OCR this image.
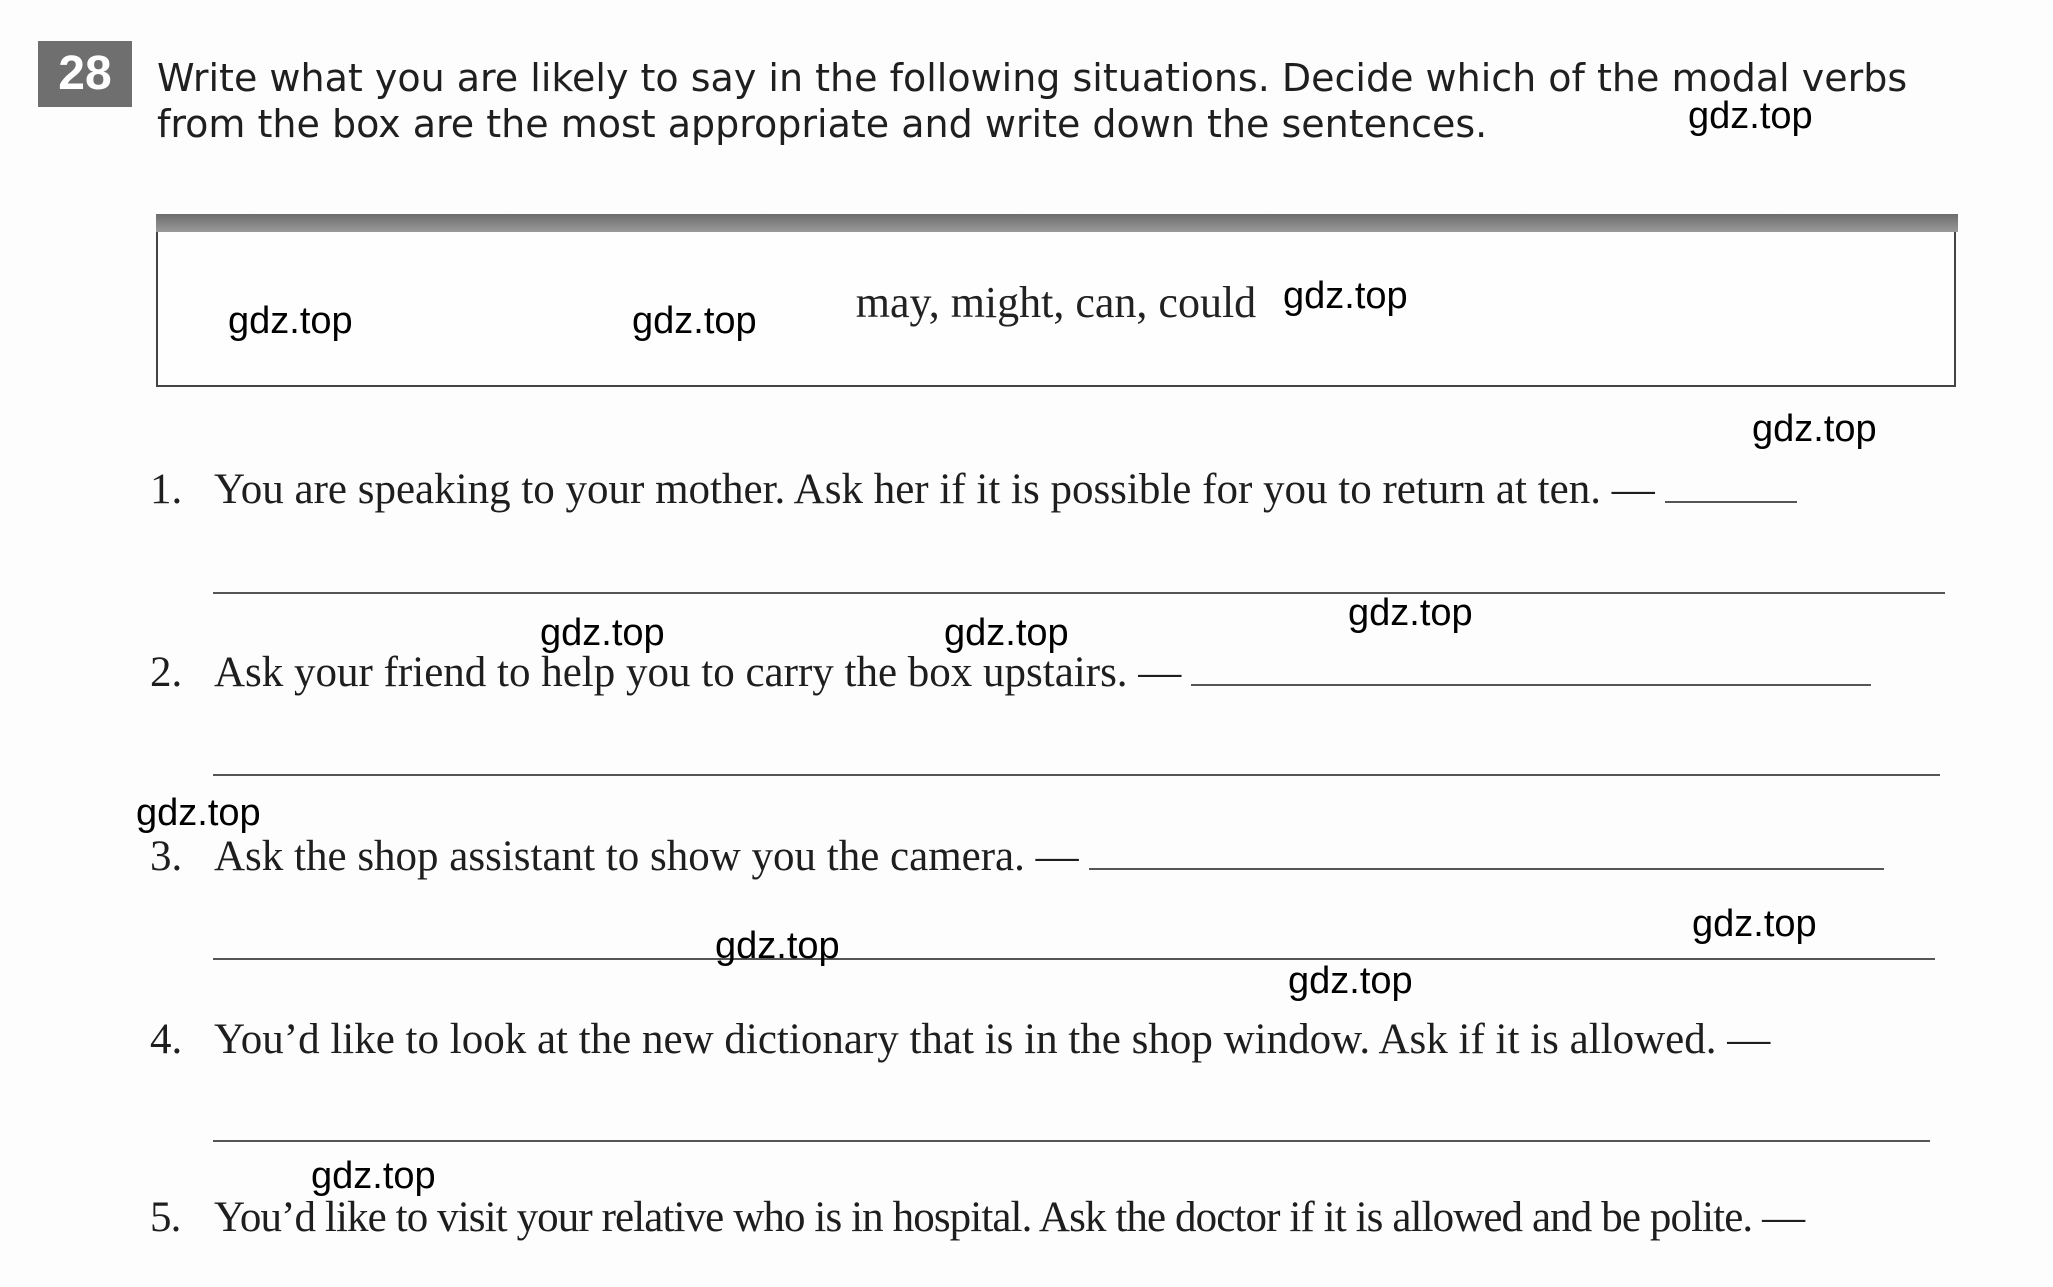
28	Write what you are likely to say in the following situations. Decide which of the modal verbs from the box are the most appropriate and write down the sentences.

may, might, can, could

1. You are speaking to your mother. Ask her if it is possible for you to return at ten. —
2. Ask your friend to help you to carry the box upstairs. —
3. Ask the shop assistant to show you the camera. —
4. You’d like to look at the new dictionary that is in the shop window. Ask if it is allowed. —
5. You’d like to visit your relative who is in hospital. Ask the doctor if it is allowed and be polite. —
gdz.top
gdz.top	gdz.top
gdz.top
gdz.top
gdz.top	gdz.top	gdz.top
gdz.top
gdz.top
gdz.top
gdz.top
gdz.top
